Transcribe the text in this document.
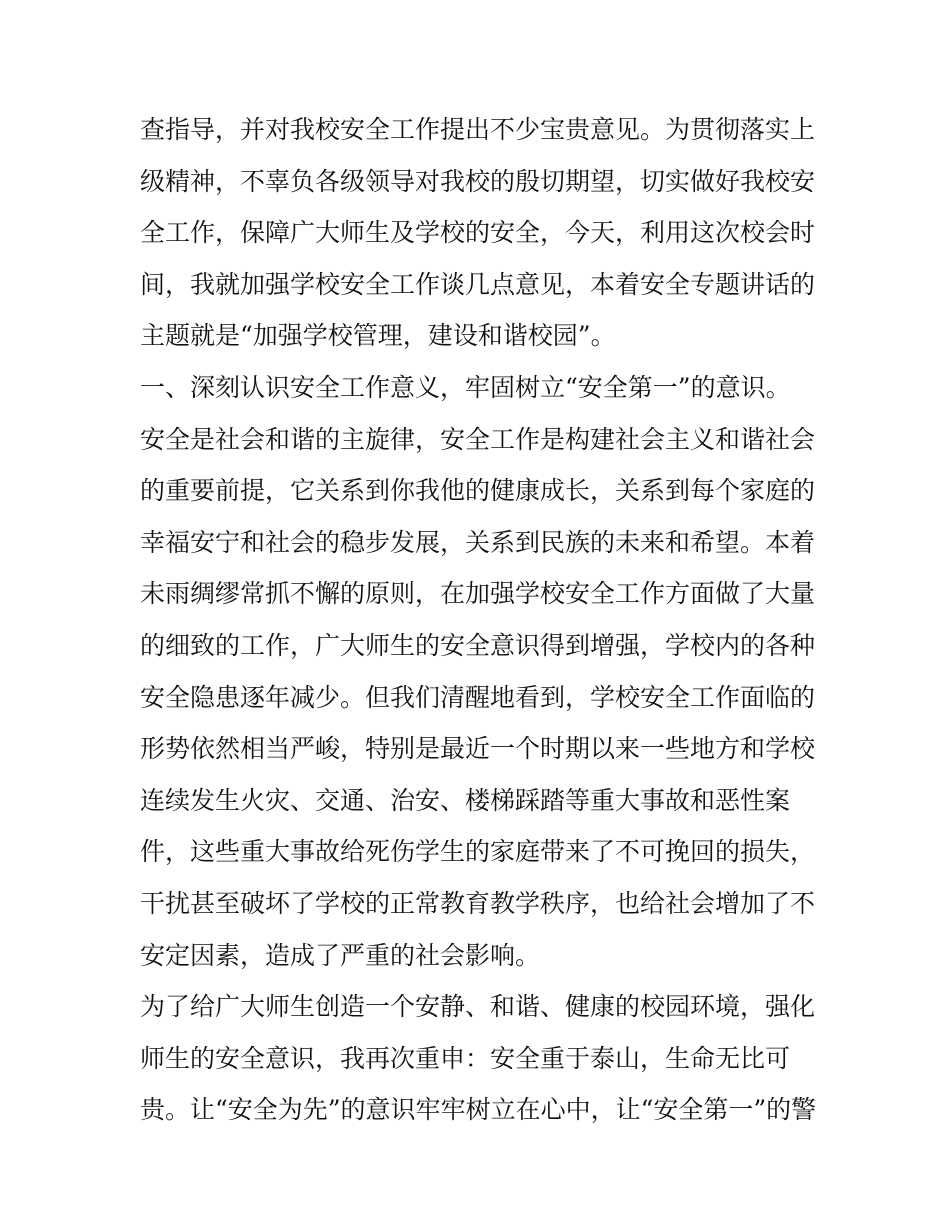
查指导，并对我校安全工作提出不少宝贵意见。为贯彻落实上
级精神，不辜负各级领导对我校的殷切期望，切实做好我校安
全工作，保障广大师生及学校的安全，今天，利用这次校会时
间，我就加强学校安全工作谈几点意见，本着安全专题讲话的
主题就是“加强学校管理，建设和谐校园”。
一、深刻认识安全工作意义，牢固树立“安全第一”的意识。
安全是社会和谐的主旋律，安全工作是构建社会主义和谐社会
的重要前提，它关系到你我他的健康成长，关系到每个家庭的
幸福安宁和社会的稳步发展，关系到民族的未来和希望。本着
未雨绸缪常抓不懈的原则，在加强学校安全工作方面做了大量
的细致的工作，广大师生的安全意识得到增强，学校内的各种
安全隐患逐年减少。但我们清醒地看到，学校安全工作面临的
形势依然相当严峻，特别是最近一个时期以来一些地方和学校
连续发生火灾、交通、治安、楼梯踩踏等重大事故和恶性案
件，这些重大事故给死伤学生的家庭带来了不可挽回的损失，
干扰甚至破坏了学校的正常教育教学秩序，也给社会增加了不
安定因素，造成了严重的社会影响。
为了给广大师生创造一个安静、和谐、健康的校园环境，强化
师生的安全意识，我再次重申：安全重于泰山，生命无比可
贵。让“安全为先”的意识牢牢树立在心中，让“安全第一”的警
